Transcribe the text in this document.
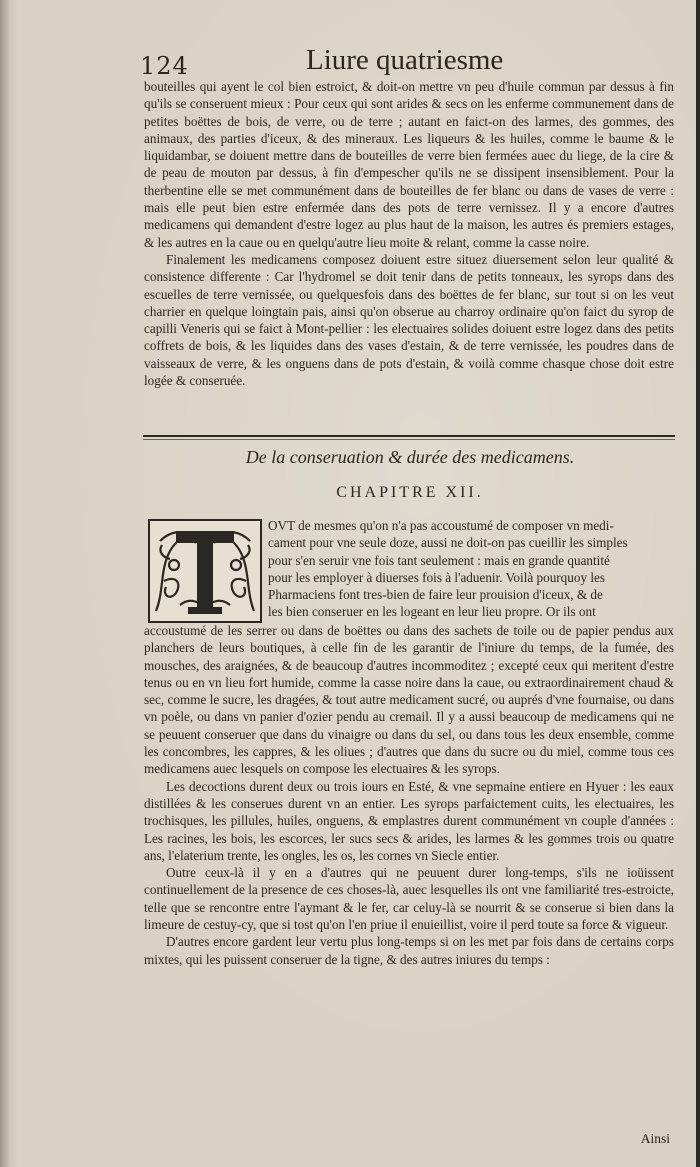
124	Liure quatriesme

bouteilles qui ayent le col bien estroict, & doit-on mettre vn peu d'huile commun par dessus à fin qu'ils se conseruent mieux : Pour ceux qui sont arides & secs on les enferme communement dans de petites boëttes de bois, de verre, ou de terre ; autant en faict-on des larmes, des gommes, des animaux, des parties d'iceux, & des mineraux. Les liqueurs & les huiles, comme le baume & le liquidambar, se doiuent mettre dans de bouteilles de verre bien fermées auec du liege, de la cire & de peau de mouton par dessus, à fin d'empescher qu'ils ne se dissipent insensiblement. Pour la therbentine elle se met communément dans de bouteilles de fer blanc ou dans de vases de verre : mais elle peut bien estre enfermée dans des pots de terre vernissez. Il y a encore d'autres medicamens qui demandent d'estre logez au plus haut de la maison, les autres és premiers estages, & les autres en la caue ou en quelqu'autre lieu moite & relant, comme la casse noire.

Finalement les medicamens composez doiuent estre situez diuersement selon leur qualité & consistence differente : Car l'hydromel se doit tenir dans de petits tonneaux, les syrops dans des escuelles de terre vernissée, ou quelquesfois dans des boëttes de fer blanc, sur tout si on les veut charrier en quelque loingtain pais, ainsi qu'on obserue au charroy ordinaire qu'on faict du syrop de capilli Veneris qui se faict à Mont-pellier : les electuaires solides doiuent estre logez dans des petits coffrets de bois, & les liquides dans des vases d'estain, & de terre vernissée, les poudres dans de vaisseaux de verre, & les onguens dans de pots d'estain, & voilà comme chasque chose doit estre logée & conseruée.

De la conseruation & durée des medicamens.
CHAPITRE XII.
OVT de mesmes qu'on n'a pas accoustumé de composer vn medi-
cament pour vne seule doze, aussi ne doit-on pas cueillir les simples
pour s'en seruir vne fois tant seulement : mais en grande quantité
pour les employer à diuerses fois à l'aduenir. Voilà pourquoy les
Pharmaciens font tres-bien de faire leur prouision d'iceux, & de
les bien conseruer en les logeant en leur lieu propre. Or ils ont

accoustumé de les serrer ou dans de boëttes ou dans des sachets de toile ou de papier pendus aux planchers de leurs boutiques, à celle fin de les garantir de l'iniure du temps, de la fumée, des mousches, des araignées, & de beaucoup d'autres incommoditez ; excepté ceux qui meritent d'estre tenus ou en vn lieu fort humide, comme la casse noire dans la caue, ou extraordinairement chaud & sec, comme le sucre, les dragées, & tout autre medicament sucré, ou auprés d'vne fournaise, ou dans vn poèle, ou dans vn panier d'ozier pendu au cremail. Il y a aussi beaucoup de medicamens qui ne se peuuent conseruer que dans du vinaigre ou dans du sel, ou dans tous les deux ensemble, comme les concombres, les cappres, & les oliues ; d'autres que dans du sucre ou du miel, comme tous ces medicamens auec lesquels on compose les electuaires & les syrops.

Les decoctions durent deux ou trois iours en Esté, & vne sepmaine entiere en Hyuer : les eaux distillées & les conserues durent vn an entier. Les syrops parfaictement cuits, les electuaires, les trochisques, les pillules, huiles, onguens, & emplastres durent communément vn couple d'années : Les racines, les bois, les escorces, ler sucs secs & arides, les larmes & les gommes trois ou quatre ans, l'elaterium trente, les ongles, les os, les cornes vn Siecle entier.

Outre ceux-là il y en a d'autres qui ne peuuent durer long-temps, s'ils ne ioüissent continuellement de la presence de ces choses-là, auec lesquelles ils ont vne familiarité tres-estroicte, telle que se rencontre entre l'aymant & le fer, car celuy-là se nourrit & se conserue si bien dans la limeure de cestuy-cy, que si tost qu'on l'en priue il enuieillist, voire il perd toute sa force & vigueur.

D'autres encore gardent leur vertu plus long-temps si on les met par fois dans de certains corps mixtes, qui les puissent conseruer de la tigne, & des autres iniures du temps :

Ainsi
